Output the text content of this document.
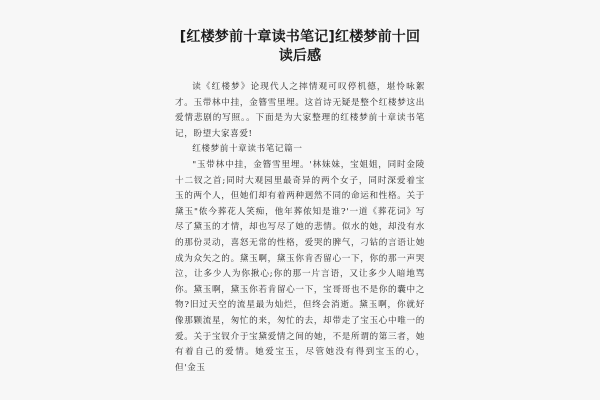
[红楼梦前十章读书笔记]红楼梦前十回读后感

读《红楼梦》论现代人之摔情观可叹停机德，堪怜咏絮才。玉带林中挂，金簪雪里埋。这首诗无疑是整个红楼梦这出爱情悲剧的写照。。下面是为大家整理的红楼梦前十章读书笔记，盼望大家喜爱!

红楼梦前十章读书笔记篇一

"玉带林中挂，金簪雪里埋。'林妹妹，宝姐姐，同时金陵十二钗之首;同时大观园里最奇异的两个女子，同时深爱着宝玉的两个人，但她们却有着两种迥然不同的命运和性格。关于黛玉"侬今葬花人笑痴，他年葬侬知是谁?'一道《葬花词》写尽了黛玉的才情，却也写尽了她的悲情。似水的她，却没有水的那份灵动，喜怒无常的性格，爱哭的脾气，刁钻的言语让她成为众矢之的。黛玉啊，黛玉你肯否留心一下，你的那一声哭泣，让多少人为你揪心;你的那一片言语，又让多少人暗地骂你。黛玉啊，黛玉你若肯留心一下，宝哥哥也不是你的囊中之物?旧过天空的流星最为灿烂，但终会消逝。黛玉啊，你就好像那颗流星，匆忙的来，匆忙的去，却带走了宝玉心中唯一的爱。关于宝钗介于宝黛爱情之间的她，不是所谓的第三者，她有着自己的爱情。她爱宝玉，尽管她没有得到宝玉的心，但'金玉
